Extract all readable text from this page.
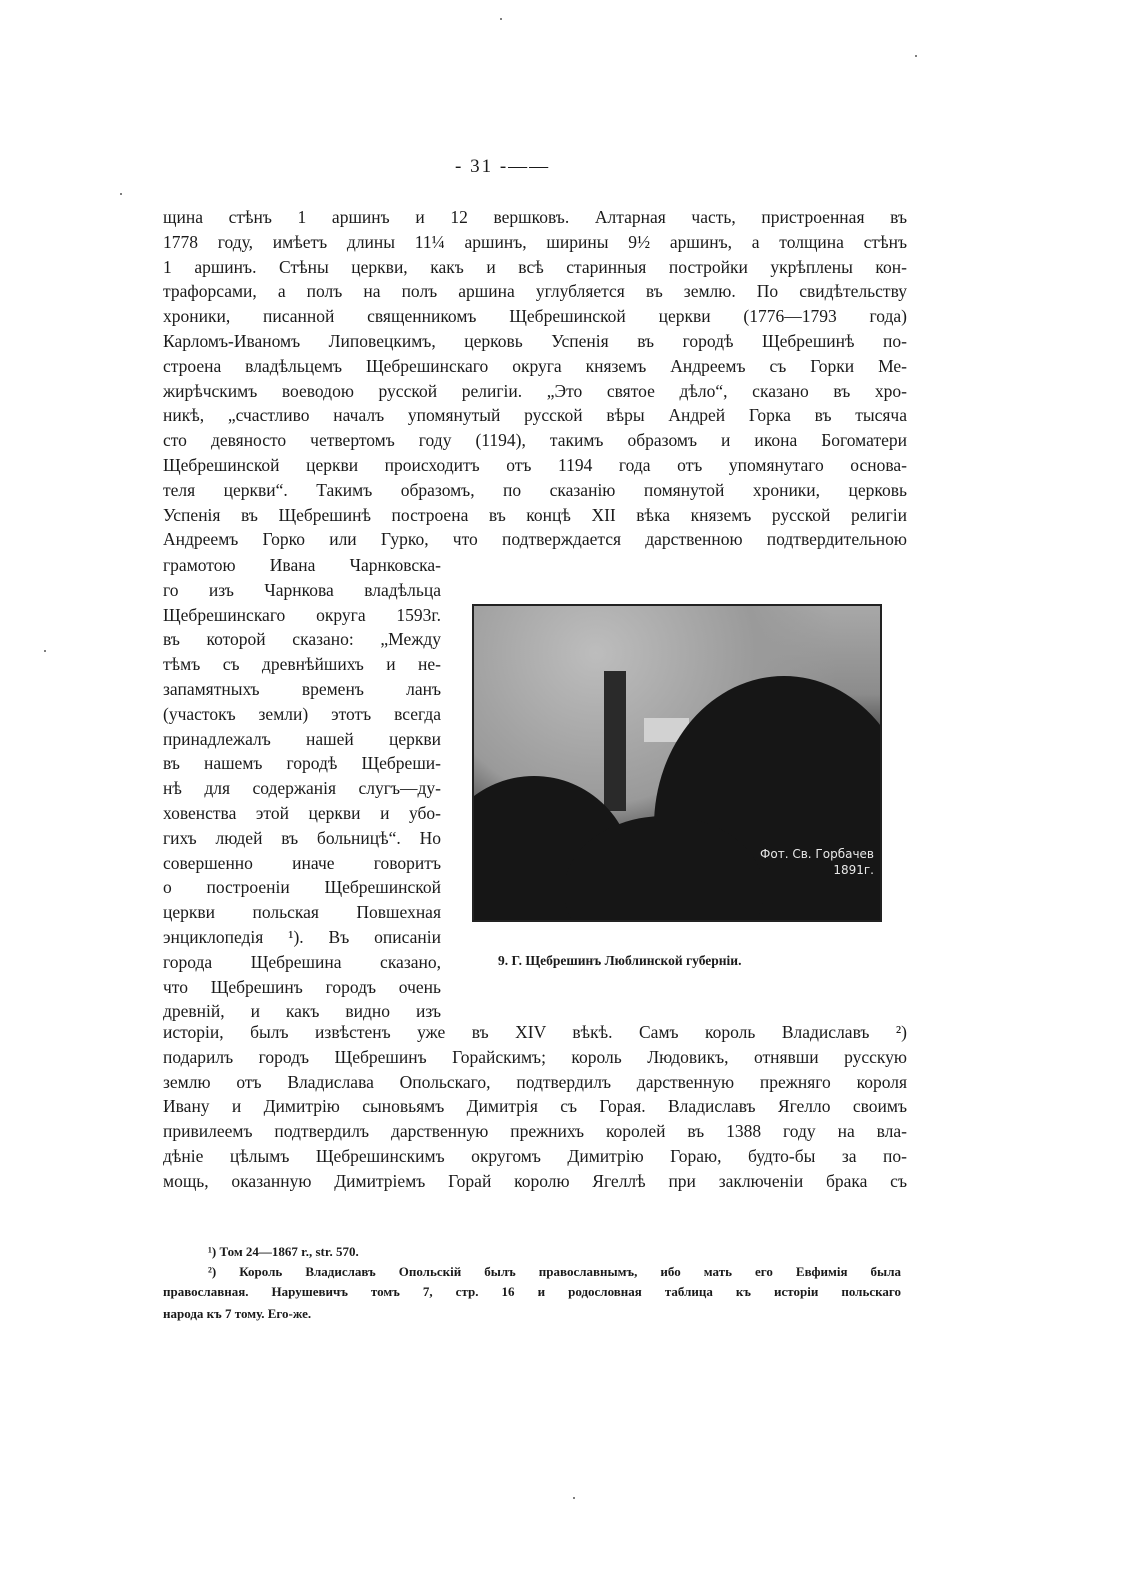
- 31 -——
щина стѣнъ 1 аршинъ и 12 вершковъ. Алтарная часть, пристроенная въ
1778 году, имѣетъ длины 11¼ аршинъ, ширины 9½ аршинъ, а толщина стѣнъ
1 аршинъ. Стѣны церкви, какъ и всѣ старинныя постройки укрѣплены кон-
трафорсами, а полъ на полъ аршина углубляется въ землю. По свидѣтельству
хроники, писанной священникомъ Щебрешинской церкви (1776—1793 года)
Карломъ-Иваномъ Липовецкимъ, церковь Успенія въ городѣ Щебрешинѣ по-
строена владѣльцемъ Щебрешинскаго округа княземъ Андреемъ съ Горки Ме-
жирѣчскимъ воеводою русской религіи. „Это святое дѣло“, сказано въ хро-
никѣ, „счастливо началъ упомянутый русской вѣры Андрей Горка въ тысяча
сто девяносто четвертомъ году (1194), такимъ образомъ и икона Богоматери
Щебрешинской церкви происходитъ отъ 1194 года отъ упомянутаго основа-
теля церкви“. Такимъ образомъ, по сказанію помянутой хроники, церковь
Успенія въ Щебрешинѣ построена въ концѣ XII вѣка княземъ русской религіи
Андреемъ Горко или Гурко, что подтверждается дарственною подтвердительною
грамотою Ивана Чарнковска-
го изъ Чарнкова владѣльца
Щебрешинскаго округа 1593г.
въ которой сказано: „Между
тѣмъ съ древнѣйшихъ и не-
запамятныхъ временъ ланъ
(участокъ земли) этотъ всегда
принадлежалъ нашей церкви
въ нашемъ городѣ Щебреши-
нѣ для содержанія слугъ—ду-
ховенства этой церкви и убо-
гихъ людей въ больницѣ“. Но
совершенно иначе говоритъ
о построеніи Щебрешинской
церкви польская Повшехная
энциклопедія ¹). Въ описаніи
города Щебрешина сказано,
что Щебрешинъ городъ очень
древній, и какъ видно изъ
исторіи, былъ извѣстенъ уже въ XIV вѣкѣ. Самъ король Владиславъ ²)
подарилъ городъ Щебрешинъ Горайскимъ; король Людовикъ, отнявши русскую
землю отъ Владислава Опольскаго, подтвердилъ дарственную прежняго короля
Ивану и Димитрію сыновьямъ Димитрія съ Горая. Владиславъ Ягелло своимъ
привилеемъ подтвердилъ дарственную прежнихъ королей въ 1388 году на вла-
дѣніе цѣлымъ Щебрешинскимъ округомъ Димитрію Гораю, будто-бы за по-
мощь, оказанную Димитріемъ Горай королю Ягеллѣ при заключеніи брака съ
Фот. Св. Горбачев
1891г.
9. Г. Щебрешинъ Люблинской губерніи.
¹) Том 24—1867 r., str. 570.
²) Король Владиславъ Опольскій былъ православнымъ, ибо мать его Евфимія была
православная. Нарушевичъ томъ 7, стр. 16 и родословная таблица къ исторіи польскаго
народа къ 7 тому. Его-же.
